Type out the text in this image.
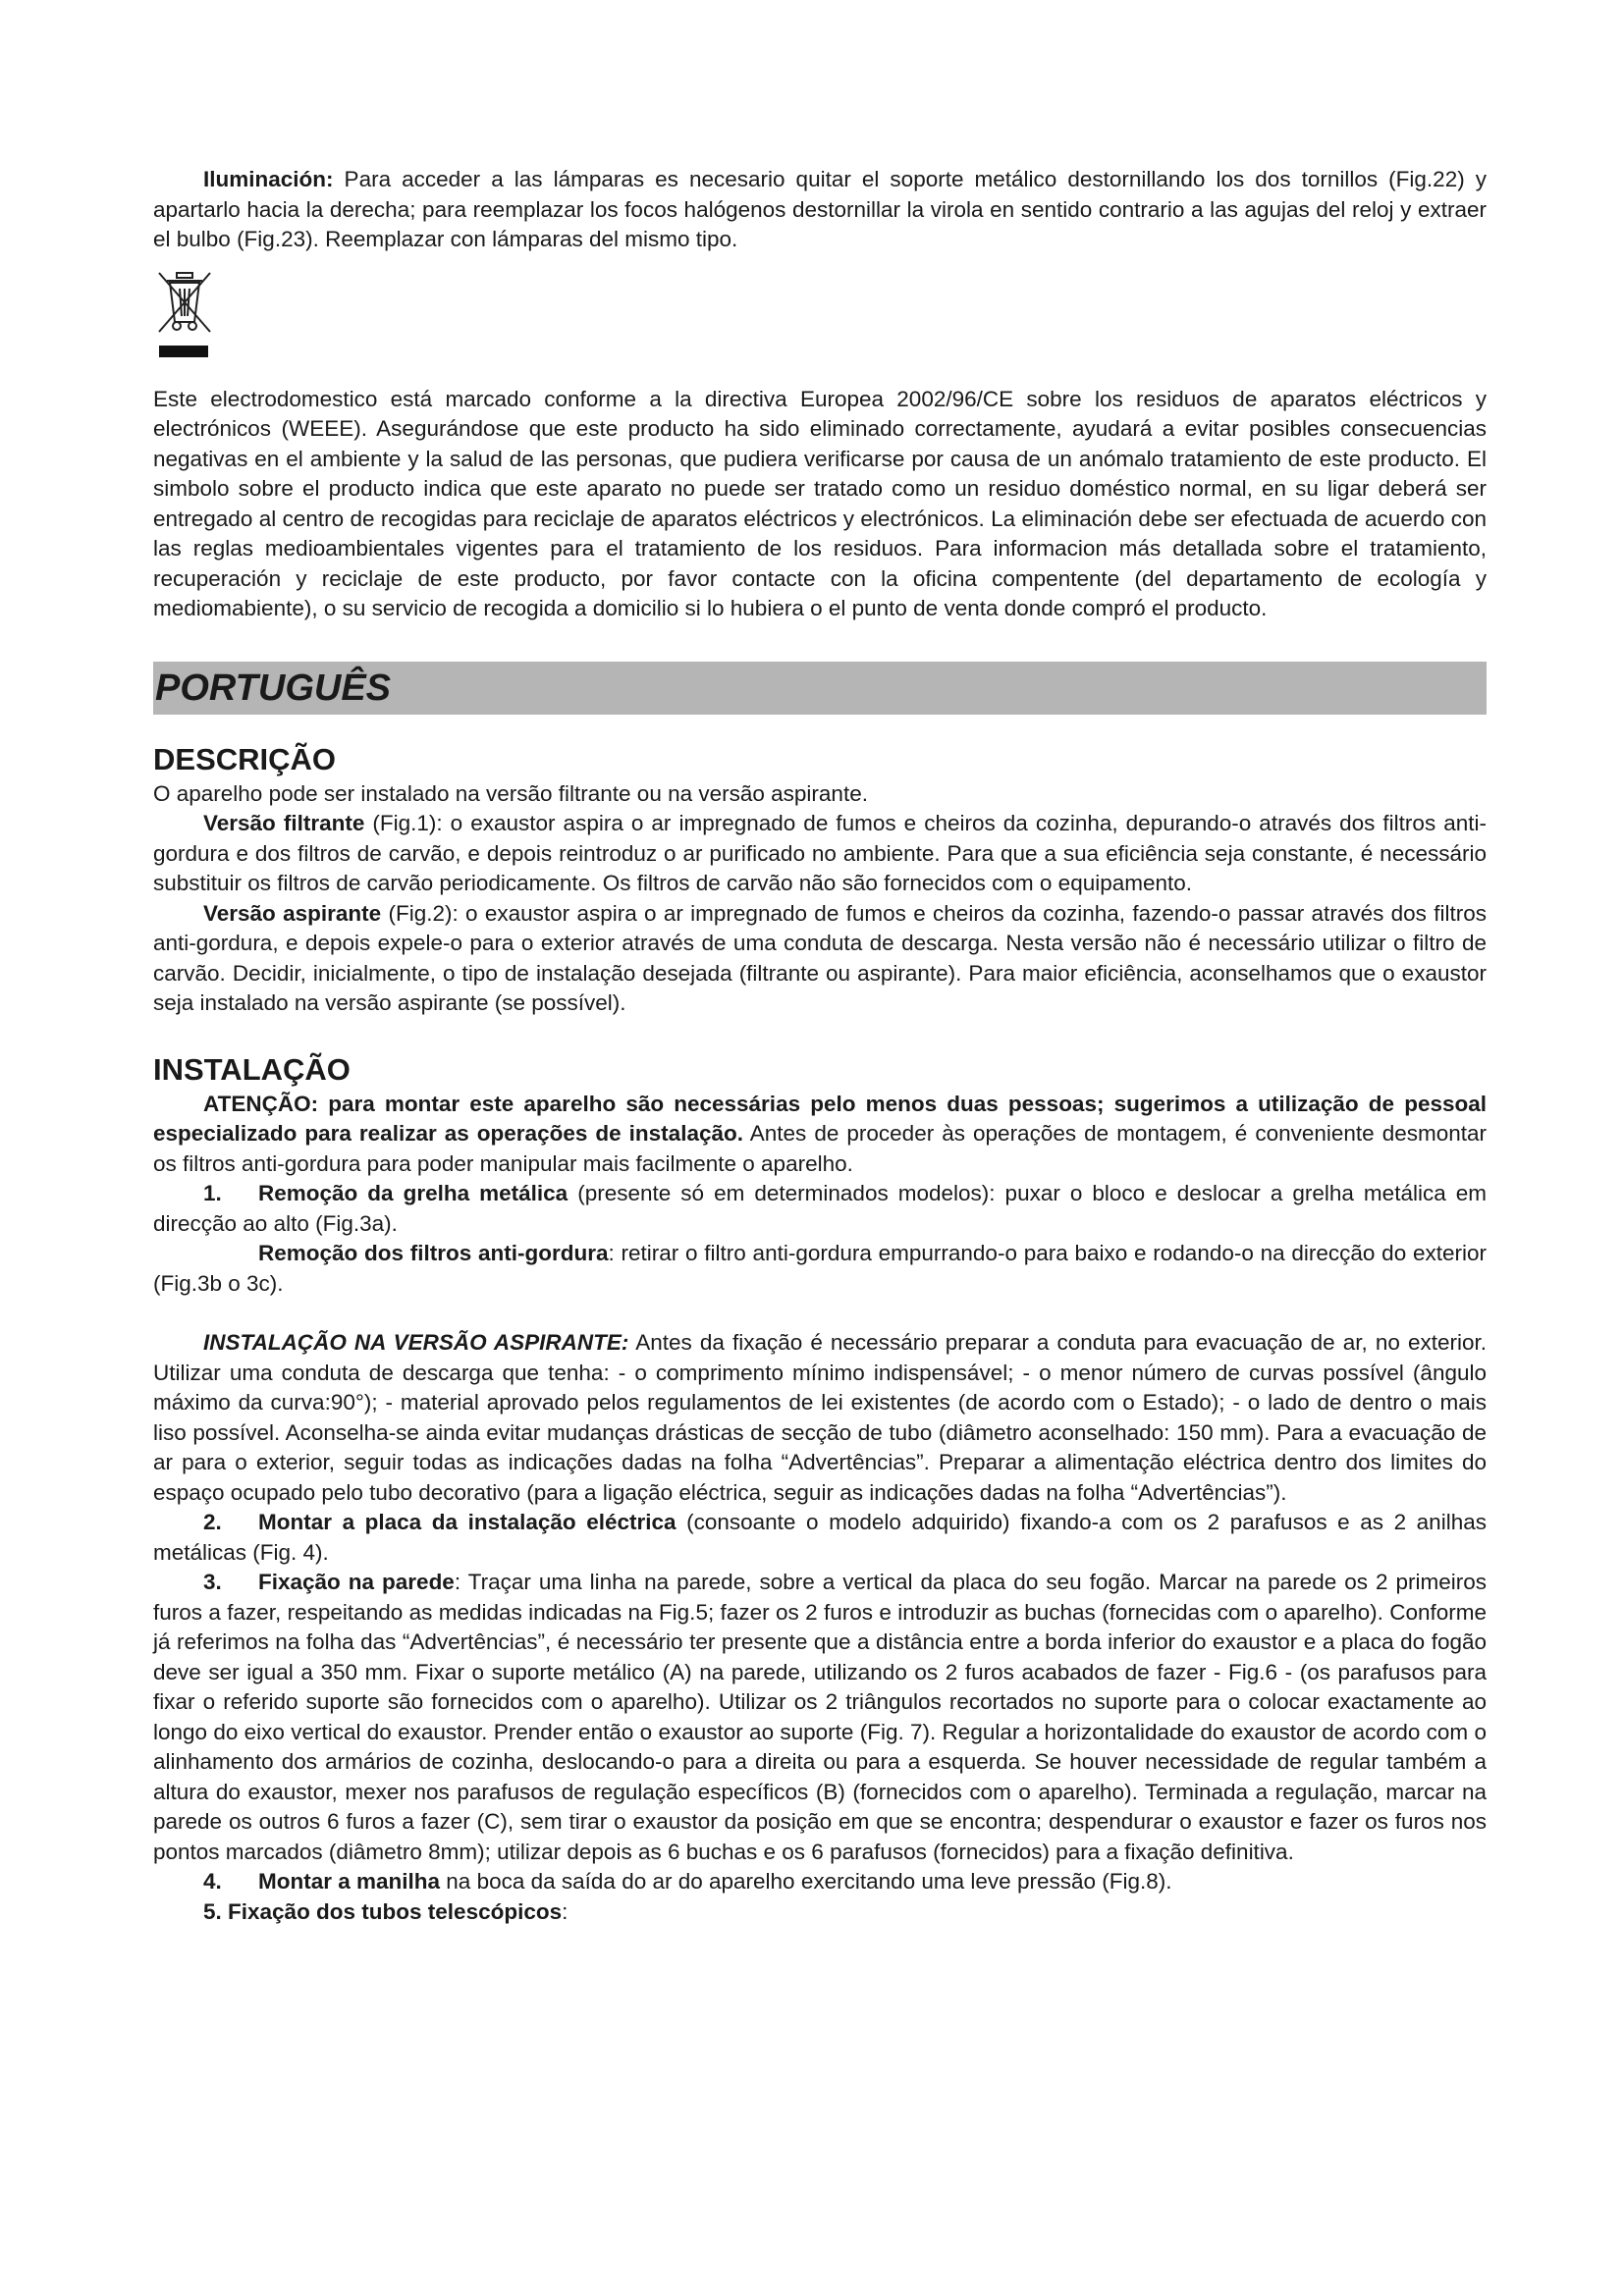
Iluminación: Para acceder a las lámparas es necesario quitar el soporte metálico destornillando los dos tornillos (Fig.22) y apartarlo hacia la derecha; para reemplazar los focos halógenos destornillar la virola en sentido contrario a las agujas del reloj y extraer el bulbo (Fig.23). Reemplazar con lámparas del mismo tipo.

Este electrodomestico está marcado conforme a la directiva Europea 2002/96/CE sobre los residuos de aparatos eléctricos y electrónicos (WEEE). Asegurándose que este producto ha sido eliminado correctamente, ayudará a evitar posibles consecuencias negativas en el ambiente y la salud de las personas, que pudiera verificarse por causa de un anómalo tratamiento de este producto. El simbolo sobre el producto indica que este aparato no puede ser tratado como un residuo doméstico normal, en su ligar deberá ser entregado al centro de recogidas para reciclaje de aparatos eléctricos y electrónicos. La eliminación debe ser efectuada de acuerdo con las reglas medioambientales vigentes para el tratamiento de los residuos. Para informacion más detallada sobre el tratamiento, recuperación y reciclaje de este producto, por favor contacte con la oficina compentente (del departamento de ecología y mediomabiente), o su servicio de recogida a domicilio si lo hubiera o el punto de venta donde compró el producto.

PORTUGUÊS
DESCRIÇÃO

O aparelho pode ser instalado na versão filtrante ou na versão aspirante.

Versão filtrante (Fig.1): o exaustor aspira o ar impregnado de fumos e cheiros da cozinha, depurando-o através dos filtros anti-gordura e dos filtros de carvão, e depois reintroduz o ar purificado no ambiente. Para que a sua eficiência seja constante, é necessário substituir os filtros de carvão periodicamente. Os filtros de carvão não são fornecidos com o equipamento.

Versão aspirante (Fig.2): o exaustor aspira o ar impregnado de fumos e cheiros da cozinha, fazendo-o passar através dos filtros anti-gordura, e depois expele-o para o exterior através de uma conduta de descarga. Nesta versão não é necessário utilizar o filtro de carvão. Decidir, inicialmente, o tipo de instalação desejada (filtrante ou aspirante). Para maior eficiência, aconselhamos que o exaustor seja instalado na versão aspirante (se possível).

INSTALAÇÃO

ATENÇÃO: para montar este aparelho são necessárias pelo menos duas pessoas; sugerimos a utilização de pessoal especializado para realizar as operações de instalação. Antes de proceder às operações de montagem, é conveniente desmontar os filtros anti-gordura para poder manipular mais facilmente o aparelho.

1. Remoção da grelha metálica (presente só em determinados modelos): puxar o bloco e deslocar a grelha metálica em direcção ao alto (Fig.3a).

Remoção dos filtros anti-gordura: retirar o filtro anti-gordura empurrando-o para baixo e rodando-o na direcção do exterior (Fig.3b o 3c).

INSTALAÇÃO NA VERSÃO ASPIRANTE: Antes da fixação é necessário preparar a conduta para evacuação de ar, no exterior. Utilizar uma conduta de descarga que tenha: - o comprimento mínimo indispensável; - o menor número de curvas possível (ângulo máximo da curva:90°); - material aprovado pelos regulamentos de lei existentes (de acordo com o Estado); - o lado de dentro o mais liso possível. Aconselha-se ainda evitar mudanças drásticas de secção de tubo (diâmetro aconselhado: 150 mm). Para a evacuação de ar para o exterior, seguir todas as indicações dadas na folha “Advertências”. Preparar a alimentação eléctrica dentro dos limites do espaço ocupado pelo tubo decorativo (para a ligação eléctrica, seguir as indicações dadas na folha “Advertências”).

2. Montar a placa da instalação eléctrica (consoante o modelo adquirido) fixando-a com os 2 parafusos e as 2 anilhas metálicas (Fig. 4).

3. Fixação na parede: Traçar uma linha na parede, sobre a vertical da placa do seu fogão. Marcar na parede os 2 primeiros furos a fazer, respeitando as medidas indicadas na Fig.5; fazer os 2 furos e introduzir as buchas (fornecidas com o aparelho). Conforme já referimos na folha das “Advertências”, é necessário ter presente que a distância entre a borda inferior do exaustor e a placa do fogão deve ser igual a 350 mm. Fixar o suporte metálico (A) na parede, utilizando os 2 furos acabados de fazer - Fig.6 - (os parafusos para fixar o referido suporte são fornecidos com o aparelho). Utilizar os 2 triângulos recortados no suporte para o colocar exactamente ao longo do eixo vertical do exaustor. Prender então o exaustor ao suporte (Fig. 7). Regular a horizontalidade do exaustor de acordo com o alinhamento dos armários de cozinha, deslocando-o para a direita ou para a esquerda. Se houver necessidade de regular também a altura do exaustor, mexer nos parafusos de regulação específicos (B) (fornecidos com o aparelho). Terminada a regulação, marcar na parede os outros 6 furos a fazer (C), sem tirar o exaustor da posição em que se encontra; despendurar o exaustor e fazer os furos nos pontos marcados (diâmetro 8mm); utilizar depois as 6 buchas e os 6 parafusos (fornecidos) para a fixação definitiva.

4. Montar a manilha na boca da saída do ar do aparelho exercitando uma leve pressão (Fig.8).

5. Fixação dos tubos telescópicos:
